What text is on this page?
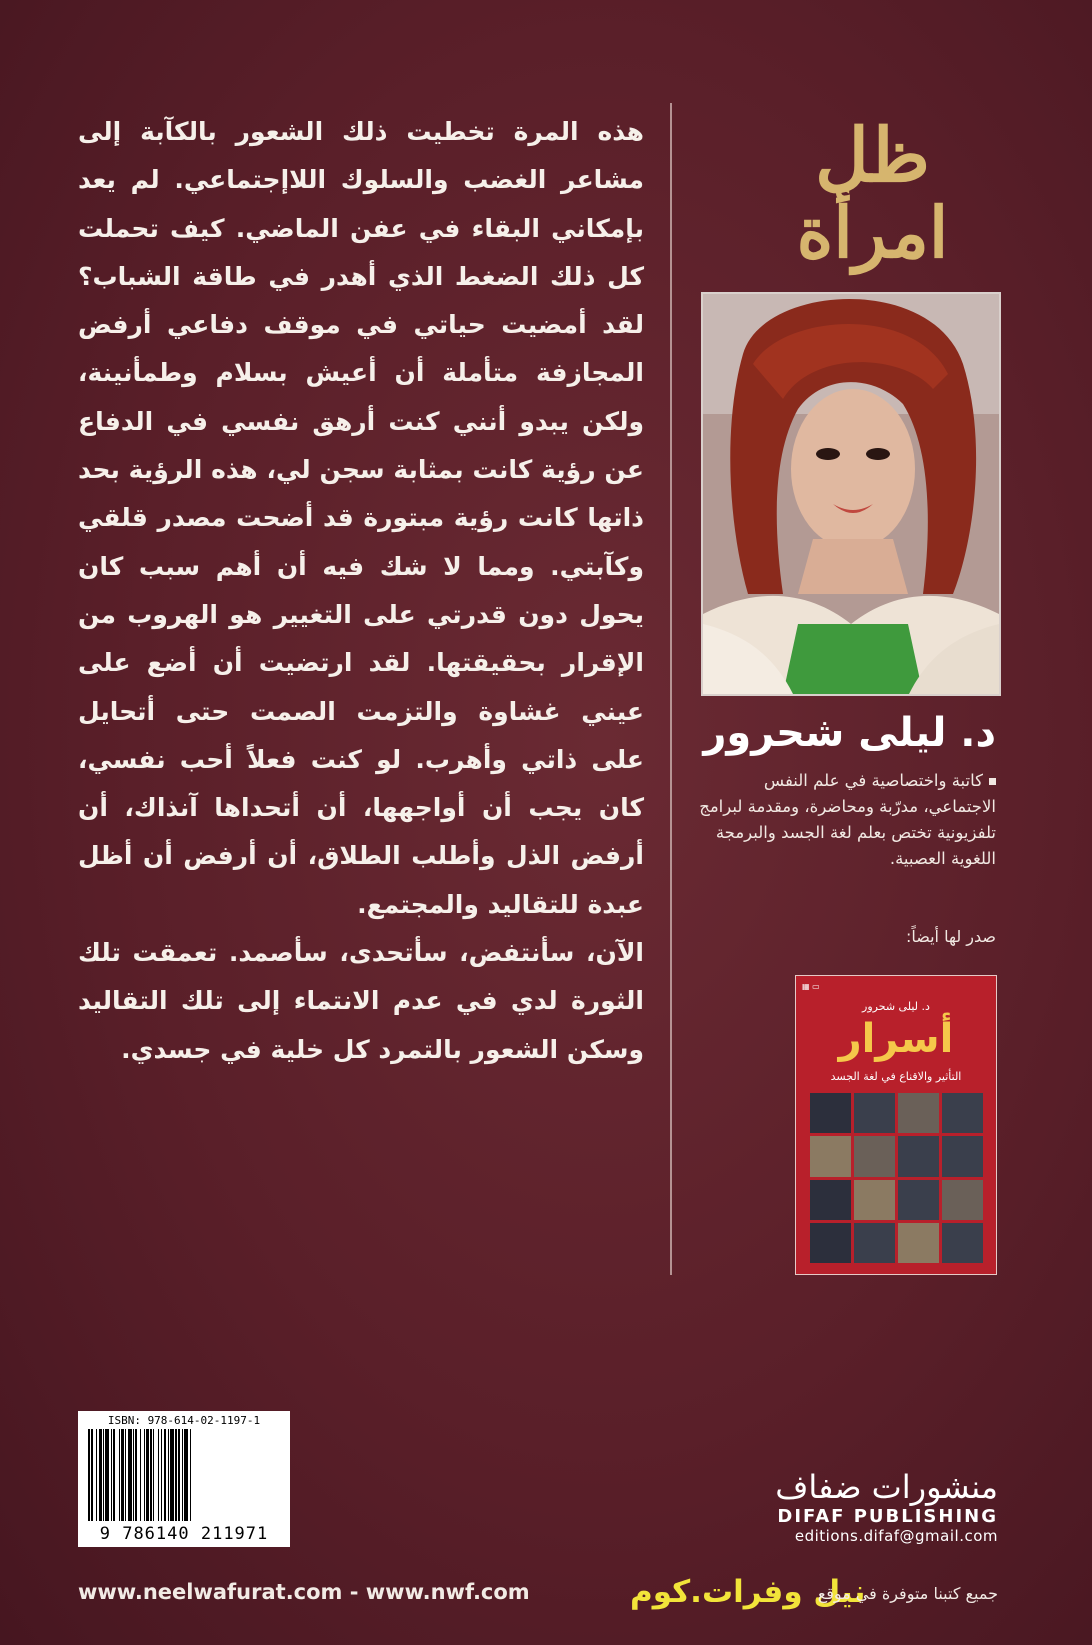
هذه المرة تخطيت ذلك الشعور بالكآبة إلى مشاعر الغضب والسلوك اللاإجتماعي. لم يعد بإمكاني البقاء في عفن الماضي. كيف تحملت كل ذلك الضغط الذي أهدر في طاقة الشباب؟ لقد أمضيت حياتي في موقف دفاعي أرفض المجازفة متأملة أن أعيش بسلام وطمأنينة، ولكن يبدو أنني كنت أرهق نفسي في الدفاع عن رؤية كانت بمثابة سجن لي، هذه الرؤية بحد ذاتها كانت رؤية مبتورة قد أضحت مصدر قلقي وكآبتي. ومما لا شك فيه أن أهم سبب كان يحول دون قدرتي على التغيير هو الهروب من الإقرار بحقيقتها. لقد ارتضيت أن أضع على عيني غشاوة والتزمت الصمت حتى أتحايل على ذاتي وأهرب. لو كنت فعلاً أحب نفسي، كان يجب أن أواجهها، أن أتحداها آنذاك، أن أرفض الذل وأطلب الطلاق، أن أرفض أن أظل عبدة للتقاليد والمجتمع.

الآن، سأنتفض، سأتحدى، سأصمد. تعمقت تلك الثورة لدي في عدم الانتماء إلى تلك التقاليد وسكن الشعور بالتمرد كل خلية في جسدي.

ظل
امرأة
د. ليلى شحرور
كاتبة واختصاصية في علم النفس الاجتماعي، مدرّبة ومحاضرة، ومقدمة لبرامج تلفزيونية تختص بعلم لغة الجسد والبرمجة اللغوية العصبية.
صدر لها أيضاً:
▦ ▭
د. ليلى شحرور
أسرار
التأثير والاقناع في لغة الجسد
ISBN: 978-614-02-1197-1
9 786140 211971
منشورات ضفاف
DIFAF PUBLISHING
editions.difaf@gmail.com
www.neelwafurat.com - www.nwf.com	نيل وفرات.كوم
جميع كتبنا متوفرة في موقع
